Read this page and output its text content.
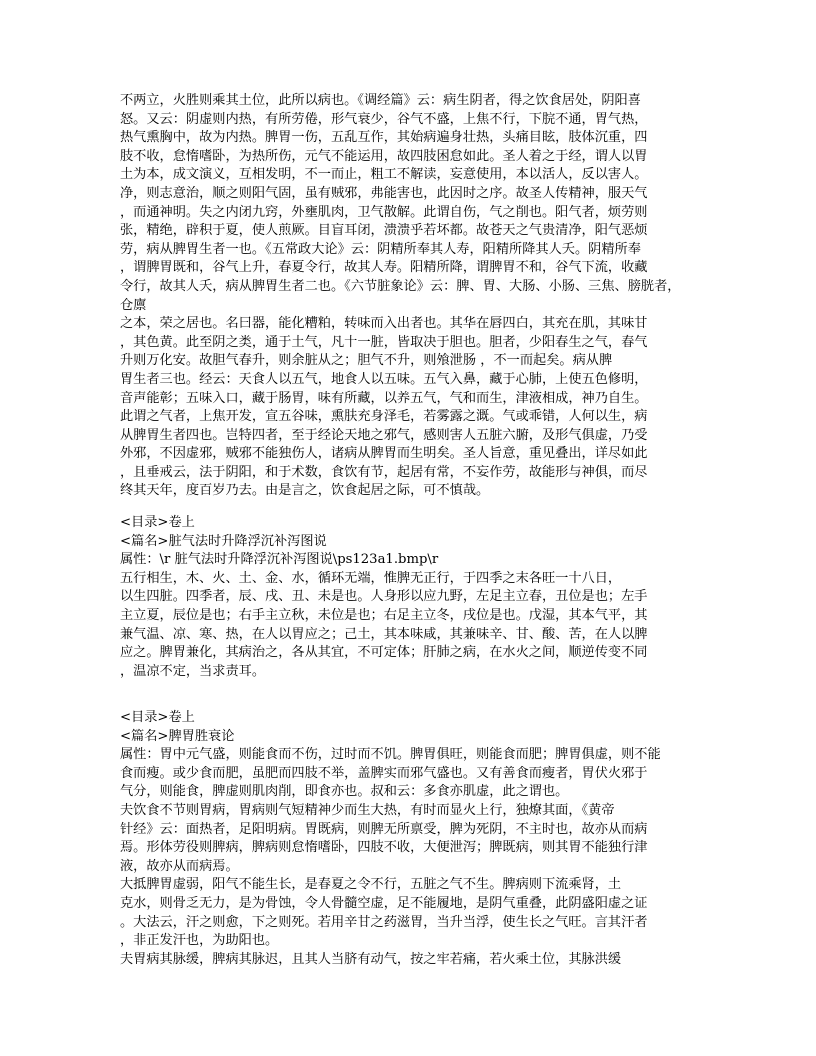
不两立，火胜则乘其土位，此所以病也。《调经篇》云：病生阴者，得之饮食居处，阴阳喜
怒。又云：阴虚则内热，有所劳倦，形气衰少，谷气不盛，上焦不行，下脘不通，胃气热，
热气熏胸中，故为内热。脾胃一伤，五乱互作，其始病遍身壮热，头痛目眩，肢体沉重，四
肢不收，怠惰嗜卧，为热所伤，元气不能运用，故四肢困怠如此。圣人着之于经，谓人以胃
土为本，成文演义，互相发明，不一而止，粗工不解读，妄意使用，本以活人，反以害人。
净，则志意治，顺之则阳气固，虽有贼邪，弗能害也，此因时之序。故圣人传精神，服天气
，而通神明。失之内闭九窍，外壅肌肉，卫气散解。此谓自伤，气之削也。阳气者，烦劳则
张，精绝，辟积于夏，使人煎厥。目盲耳闭，溃溃乎若坏都。故苍天之气贵清净，阳气恶烦
劳，病从脾胃生者一也。《五常政大论》云：阴精所奉其人寿，阳精所降其人夭。阴精所奉
，谓脾胃既和，谷气上升，春夏令行，故其人寿。阳精所降，谓脾胃不和，谷气下流，收藏
令行，故其人夭，病从脾胃生者二也。《六节脏象论》云：脾、胃、大肠、小肠、三焦、膀胱者，
仓廪
之本，荣之居也。名曰器，能化糟粕，转味而入出者也。其华在唇四白，其充在肌，其味甘
，其色黄。此至阴之类，通于土气，凡十一脏，皆取决于胆也。胆者，少阳春生之气，春气
升则万化安。故胆气春升，则余脏从之；胆气不升，则飧泄肠 ，不一而起矣。病从脾
胃生者三也。经云：天食人以五气，地食人以五味。五气入鼻，藏于心肺，上使五色修明，
音声能彰；五味入口，藏于肠胃，味有所藏，以养五气，气和而生，津液相成，神乃自生。
此谓之气者，上焦开发，宣五谷味，熏肤充身泽毛，若雾露之溉。气或乖错，人何以生，病
从脾胃生者四也。岂特四者，至于经论天地之邪气，感则害人五脏六腑，及形气俱虚，乃受
外邪，不因虚邪，贼邪不能独伤人，诸病从脾胃而生明矣。圣人旨意，重见叠出，详尽如此
，且垂戒云，法于阴阳，和于术数，食饮有节，起居有常，不妄作劳，故能形与神俱，而尽
终其天年，度百岁乃去。由是言之，饮食起居之际，可不慎哉。
<目录>卷上
<篇名>脏气法时升降浮沉补泻图说
属性：\r 脏气法时升降浮沉补泻图说\ps123a1.bmp\r
五行相生，木、火、土、金、水，循环无端，惟脾无正行，于四季之末各旺一十八日，
以生四脏。四季者，辰、戌、丑、未是也。人身形以应九野，左足主立春，丑位是也；左手
主立夏，辰位是也；右手主立秋，未位是也；右足主立冬，戌位是也。戊湿，其本气平，其
兼气温、凉、寒、热，在人以胃应之；己土，其本味咸，其兼味辛、甘、酸、苦，在人以脾
应之。脾胃兼化，其病治之，各从其宜，不可定体；肝肺之病，在水火之间，顺逆传变不同
，温凉不定，当求责耳。
<目录>卷上
<篇名>脾胃胜衰论
属性：胃中元气盛，则能食而不伤，过时而不饥。脾胃俱旺，则能食而肥；脾胃俱虚，则不能
食而瘦。或少食而肥，虽肥而四肢不举，盖脾实而邪气盛也。又有善食而瘦者，胃伏火邪于
气分，则能食，脾虚则肌肉削，即食亦也。叔和云：多食亦肌虚，此之谓也。
夫饮食不节则胃病，胃病则气短精神少而生大热，有时而显火上行，独燎其面，《黄帝
针经》云：面热者，足阳明病。胃既病，则脾无所禀受，脾为死阴，不主时也，故亦从而病
焉。形体劳役则脾病，脾病则怠惰嗜卧，四肢不收，大便泄泻；脾既病，则其胃不能独行津
液，故亦从而病焉。
大抵脾胃虚弱，阳气不能生长，是春夏之令不行，五脏之气不生。脾病则下流乘肾，土
克水，则骨乏无力，是为骨蚀，令人骨髓空虚，足不能履地，是阴气重叠，此阴盛阳虚之证
。大法云，汗之则愈，下之则死。若用辛甘之药滋胃，当升当浮，使生长之气旺。言其汗者
，非正发汗也，为助阳也。
夫胃病其脉缓，脾病其脉迟，且其人当脐有动气，按之牢若痛，若火乘土位，其脉洪缓
